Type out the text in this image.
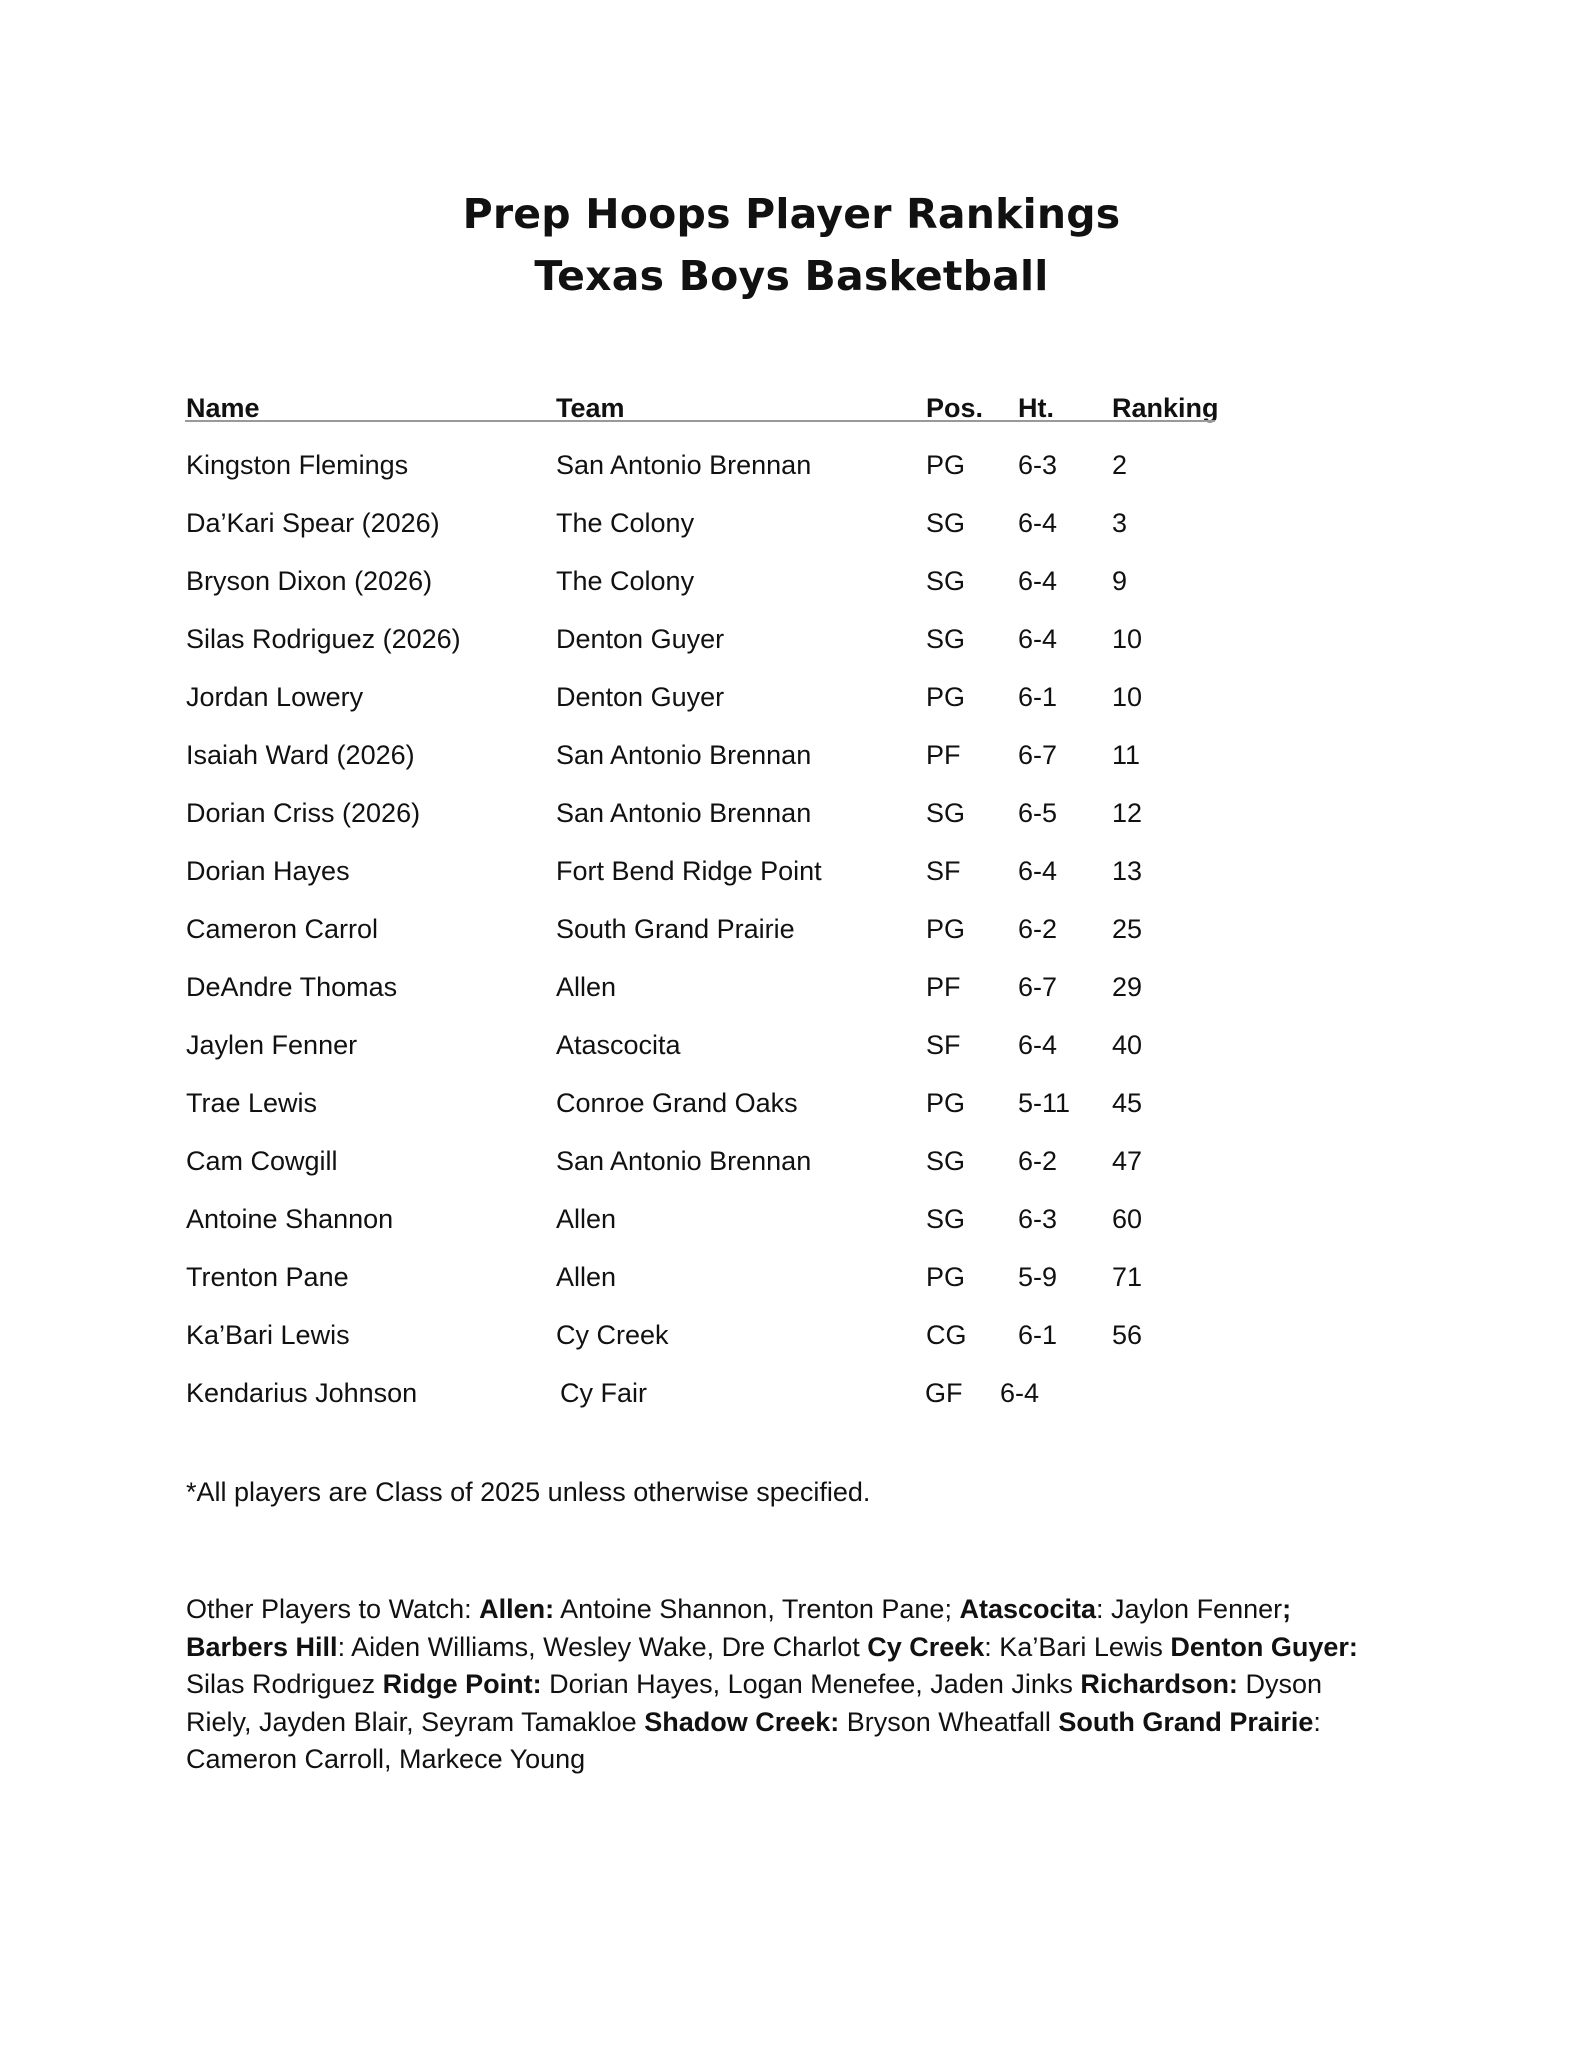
Prep Hoops Player Rankings
Texas Boys Basketball
Name	Team	Pos. Ht. Ranking
Kingston Flemings	San Antonio Brennan	PG 6-3 2
Da’Kari Spear (2026)	The Colony	SG 6-4 3
Bryson Dixon (2026)	The Colony	SG 6-4 9
Silas Rodriguez (2026)	Denton Guyer	SG 6-4 10
Jordan Lowery	Denton Guyer	PG 6-1 10
Isaiah Ward (2026)	San Antonio Brennan	PF 6-7 11
Dorian Criss (2026)	San Antonio Brennan	SG 6-5 12
Dorian Hayes	Fort Bend Ridge Point	SF 6-4 13
Cameron Carrol	South Grand Prairie	PG 6-2 25
DeAndre Thomas	Allen	PF 6-7 29
Jaylen Fenner	Atascocita	SF 6-4 40
Trae Lewis	Conroe Grand Oaks	PG 5-11 45
Cam Cowgill	San Antonio Brennan	SG 6-2 47
Antoine Shannon	Allen	SG 6-3 60
Trenton Pane	Allen	PG 5-9 71
Ka’Bari Lewis	Cy Creek	CG 6-1 56
Kendarius Johnson	Cy Fair	GF 6-4
*All players are Class of 2025 unless otherwise specified.
Other Players to Watch: Allen: Antoine Shannon, Trenton Pane; Atascocita: Jaylon Fenner; Barbers Hill: Aiden Williams, Wesley Wake, Dre Charlot Cy Creek: Ka’Bari Lewis Denton Guyer: Silas Rodriguez Ridge Point: Dorian Hayes, Logan Menefee, Jaden Jinks Richardson: Dyson Riely, Jayden Blair, Seyram Tamakloe Shadow Creek: Bryson Wheatfall South Grand Prairie: Cameron Carroll, Markece Young
